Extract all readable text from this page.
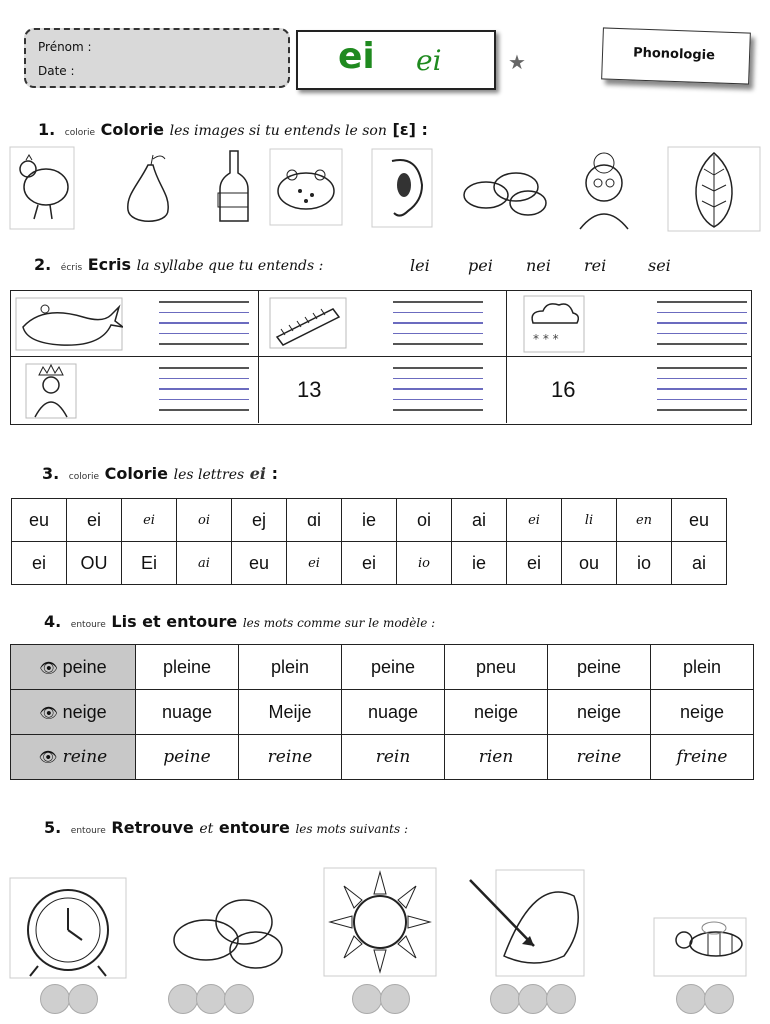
Prénom :
Date :	ei ei	★	Phonologie
1. colorie Colorie les images si tu entends le son [ɛ] :
2. écris Ecris la syllabe que tu entends :	lei pei nei rei	sei
* * *
13	16
3. colorie Colorie les lettres ei :
eu	ei	ei	oi	ej	ɑi	ie	oi	ai	ei	li	en	eu
ei	OU	Ei	ai	eu	ei	ei	io	ie	ei	ou	io	ai
4. entoure Lis et entoure les mots comme sur le modèle :
👁 peine	pleine	plein	peine	pneu	peine	plein
👁 neige	nuage	Meije	nuage	neige	neige	neige
👁 reine	peine	reine	rein	rien	reine	freine
5. entoure Retrouve et entoure les mots suivants :
